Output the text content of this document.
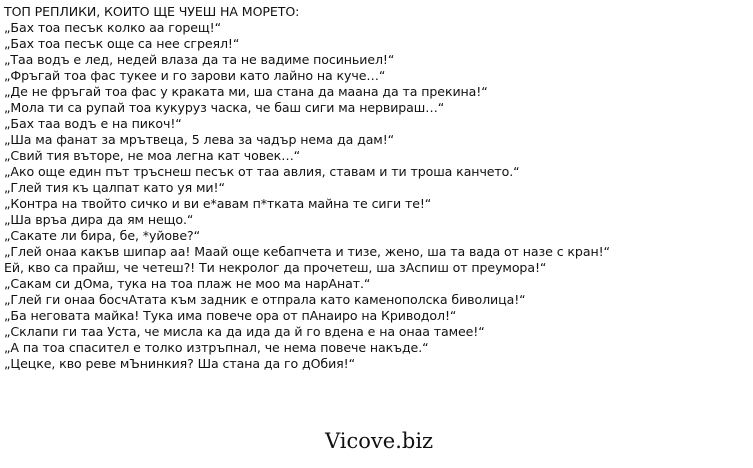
ТОП РЕПЛИКИ, КОИТО ЩЕ ЧУЕШ НА МОРЕТО:
„Бах тоа песък колко аа горещ!“
„Бах тоа песък още са нее сгреял!“
„Таа водъ е лед, недей влаза да та не вадиме посиньиел!“
„Фръгай тоа фас тукее и го зарови като лайно на куче…“
„Де не фръгай тоа фас у краката ми, ша стана да маана да та прекина!“
„Мола ти са рупай тоа кукуруз часка, че баш сиги ма нервираш…“
„Бах таа водъ е на пикоч!“
„Ша ма фанат за мрътвеца, 5 лева за чадър нема да дам!“
„Свий тия въторе, не моа легна кат човек…“
„Ако още един път тръснеш песък от таа авлия, ставам и ти троша канчето.“
„Глей тия къ цалпат като уя ми!“
„Контра на твойто сичко и ви е*авам п*тката майна те сиги те!“
„Ша връа дира да ям нещо.“
„Сакате ли бира, бе, *уйове?“
„Глей онаа какъв шипар аа! Маай още кебапчета и тизе, жено, ша та вада от назе с кран!“
Ей, кво са прайш, че четеш?! Ти некролог да прочетеш, ша зАспиш от преумора!“
„Сакам си дОма, тука на тоа плаж не моо ма нарАнат.“
„Глей ги онаа босчАтата към задник е отпрала като каменополска биволица!“
„Ба неговата майка! Тука има повече ора от пАнаиро на Криводол!“
„Склапи ги таа Уста, че мисла ка да ида да й го вдена е на онаа тамее!“
„А па тоа спасител е толко изтръпнал, че нема повече накъде.“
„Цецке, кво реве мЪнинкия? Ша стана да го дОбия!“
Vicove.biz
